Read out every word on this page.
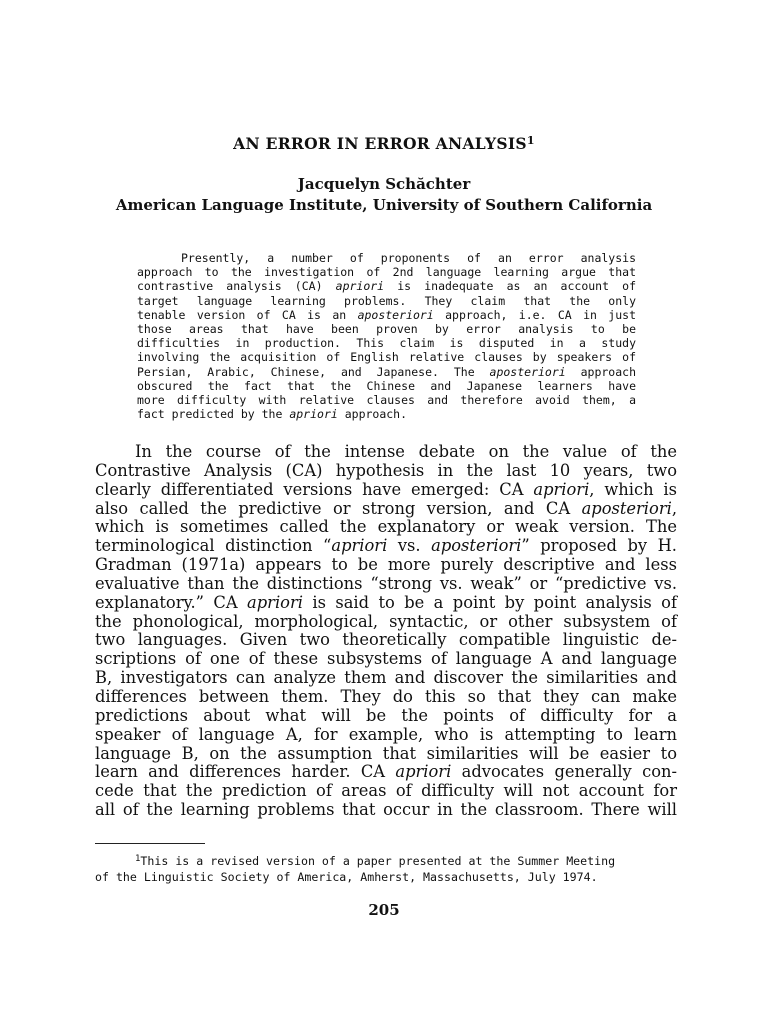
AN ERROR IN ERROR ANALYSIS$^1$
Jacquelyn Schăchter
American Language Institute, University of Southern California
Presently, a number of proponents of an error analysis
approach to the investigation of 2nd language learning argue that
contrastive analysis (CA) apriori is inadequate as an account of
target language learning problems. They claim that the only
tenable version of CA is an aposteriori approach, i.e. CA in just
those areas that have been proven by error analysis to be
difficulties in production. This claim is disputed in a study
involving the acquisition of English relative clauses by speakers of
Persian, Arabic, Chinese, and Japanese. The aposteriori approach
obscured the fact that the Chinese and Japanese learners have
more difficulty with relative clauses and therefore avoid them, a
fact predicted by the apriori approach.
In the course of the intense debate on the value of the
Contrastive Analysis (CA) hypothesis in the last 10 years, two
clearly differentiated versions have emerged: CA apriori, which is
also called the predictive or strong version, and CA aposteriori,
which is sometimes called the explanatory or weak version. The
terminological distinction “apriori vs. aposteriori” proposed by H.
Gradman (1971a) appears to be more purely descriptive and less
evaluative than the distinctions “strong vs. weak” or “predictive vs.
explanatory.” CA apriori is said to be a point by point analysis of
the phonological, morphological, syntactic, or other subsystem of
two languages. Given two theoretically compatible linguistic de-
scriptions of one of these subsystems of language A and language
B, investigators can analyze them and discover the similarities and
differences between them. They do this so that they can make
predictions about what will be the points of difficulty for a
speaker of language A, for example, who is attempting to learn
language B, on the assumption that similarities will be easier to
learn and differences harder. CA apriori advocates generally con-
cede that the prediction of areas of difficulty will not account for
all of the learning problems that occur in the classroom. There will
$^1$This is a revised version of a paper presented at the Summer Meeting
of the Linguistic Society of America, Amherst, Massachusetts, July 1974.
205
